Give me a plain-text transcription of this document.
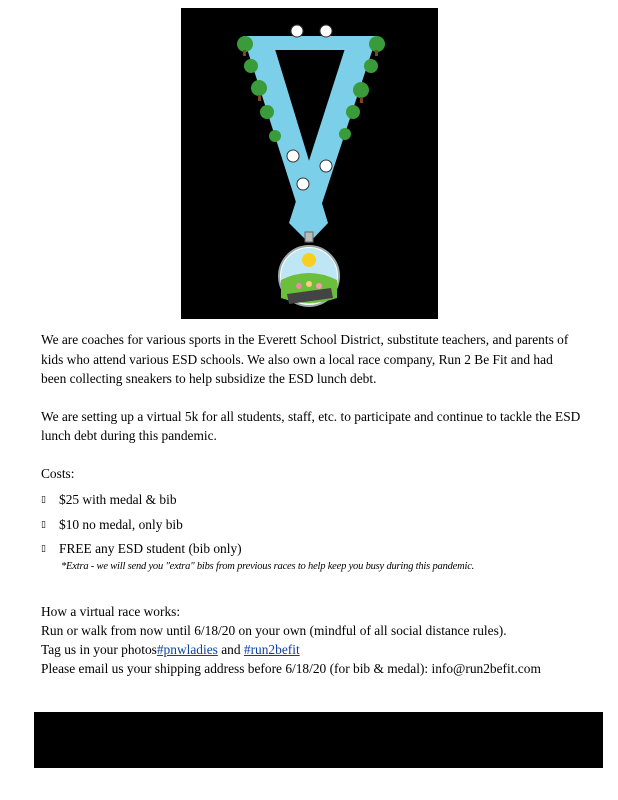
We are coaches for various sports in the Everett School District, substitute teachers, and parents of kids who attend various ESD schools. We also own a local race company, Run 2 Be Fit and had been collecting sneakers to help subsidize the ESD lunch debt.

We are setting up a virtual 5k for all students, staff, etc. to participate and continue to tackle the ESD lunch debt during this pandemic.

Costs:

▯ $25 with medal & bib
▯ $10 no medal, only bib
▯ FREE any ESD student (bib only)
*Extra - we will send you "extra" bibs from previous races to help keep you busy during this pandemic.
How a virtual race works:
Run or walk from now until 6/18/20 on your own (mindful of all social distance rules).
Tag us in your photos#pnwladies and #run2befit
Please email us your shipping address before 6/18/20 (for bib & medal): info@run2befit.com
